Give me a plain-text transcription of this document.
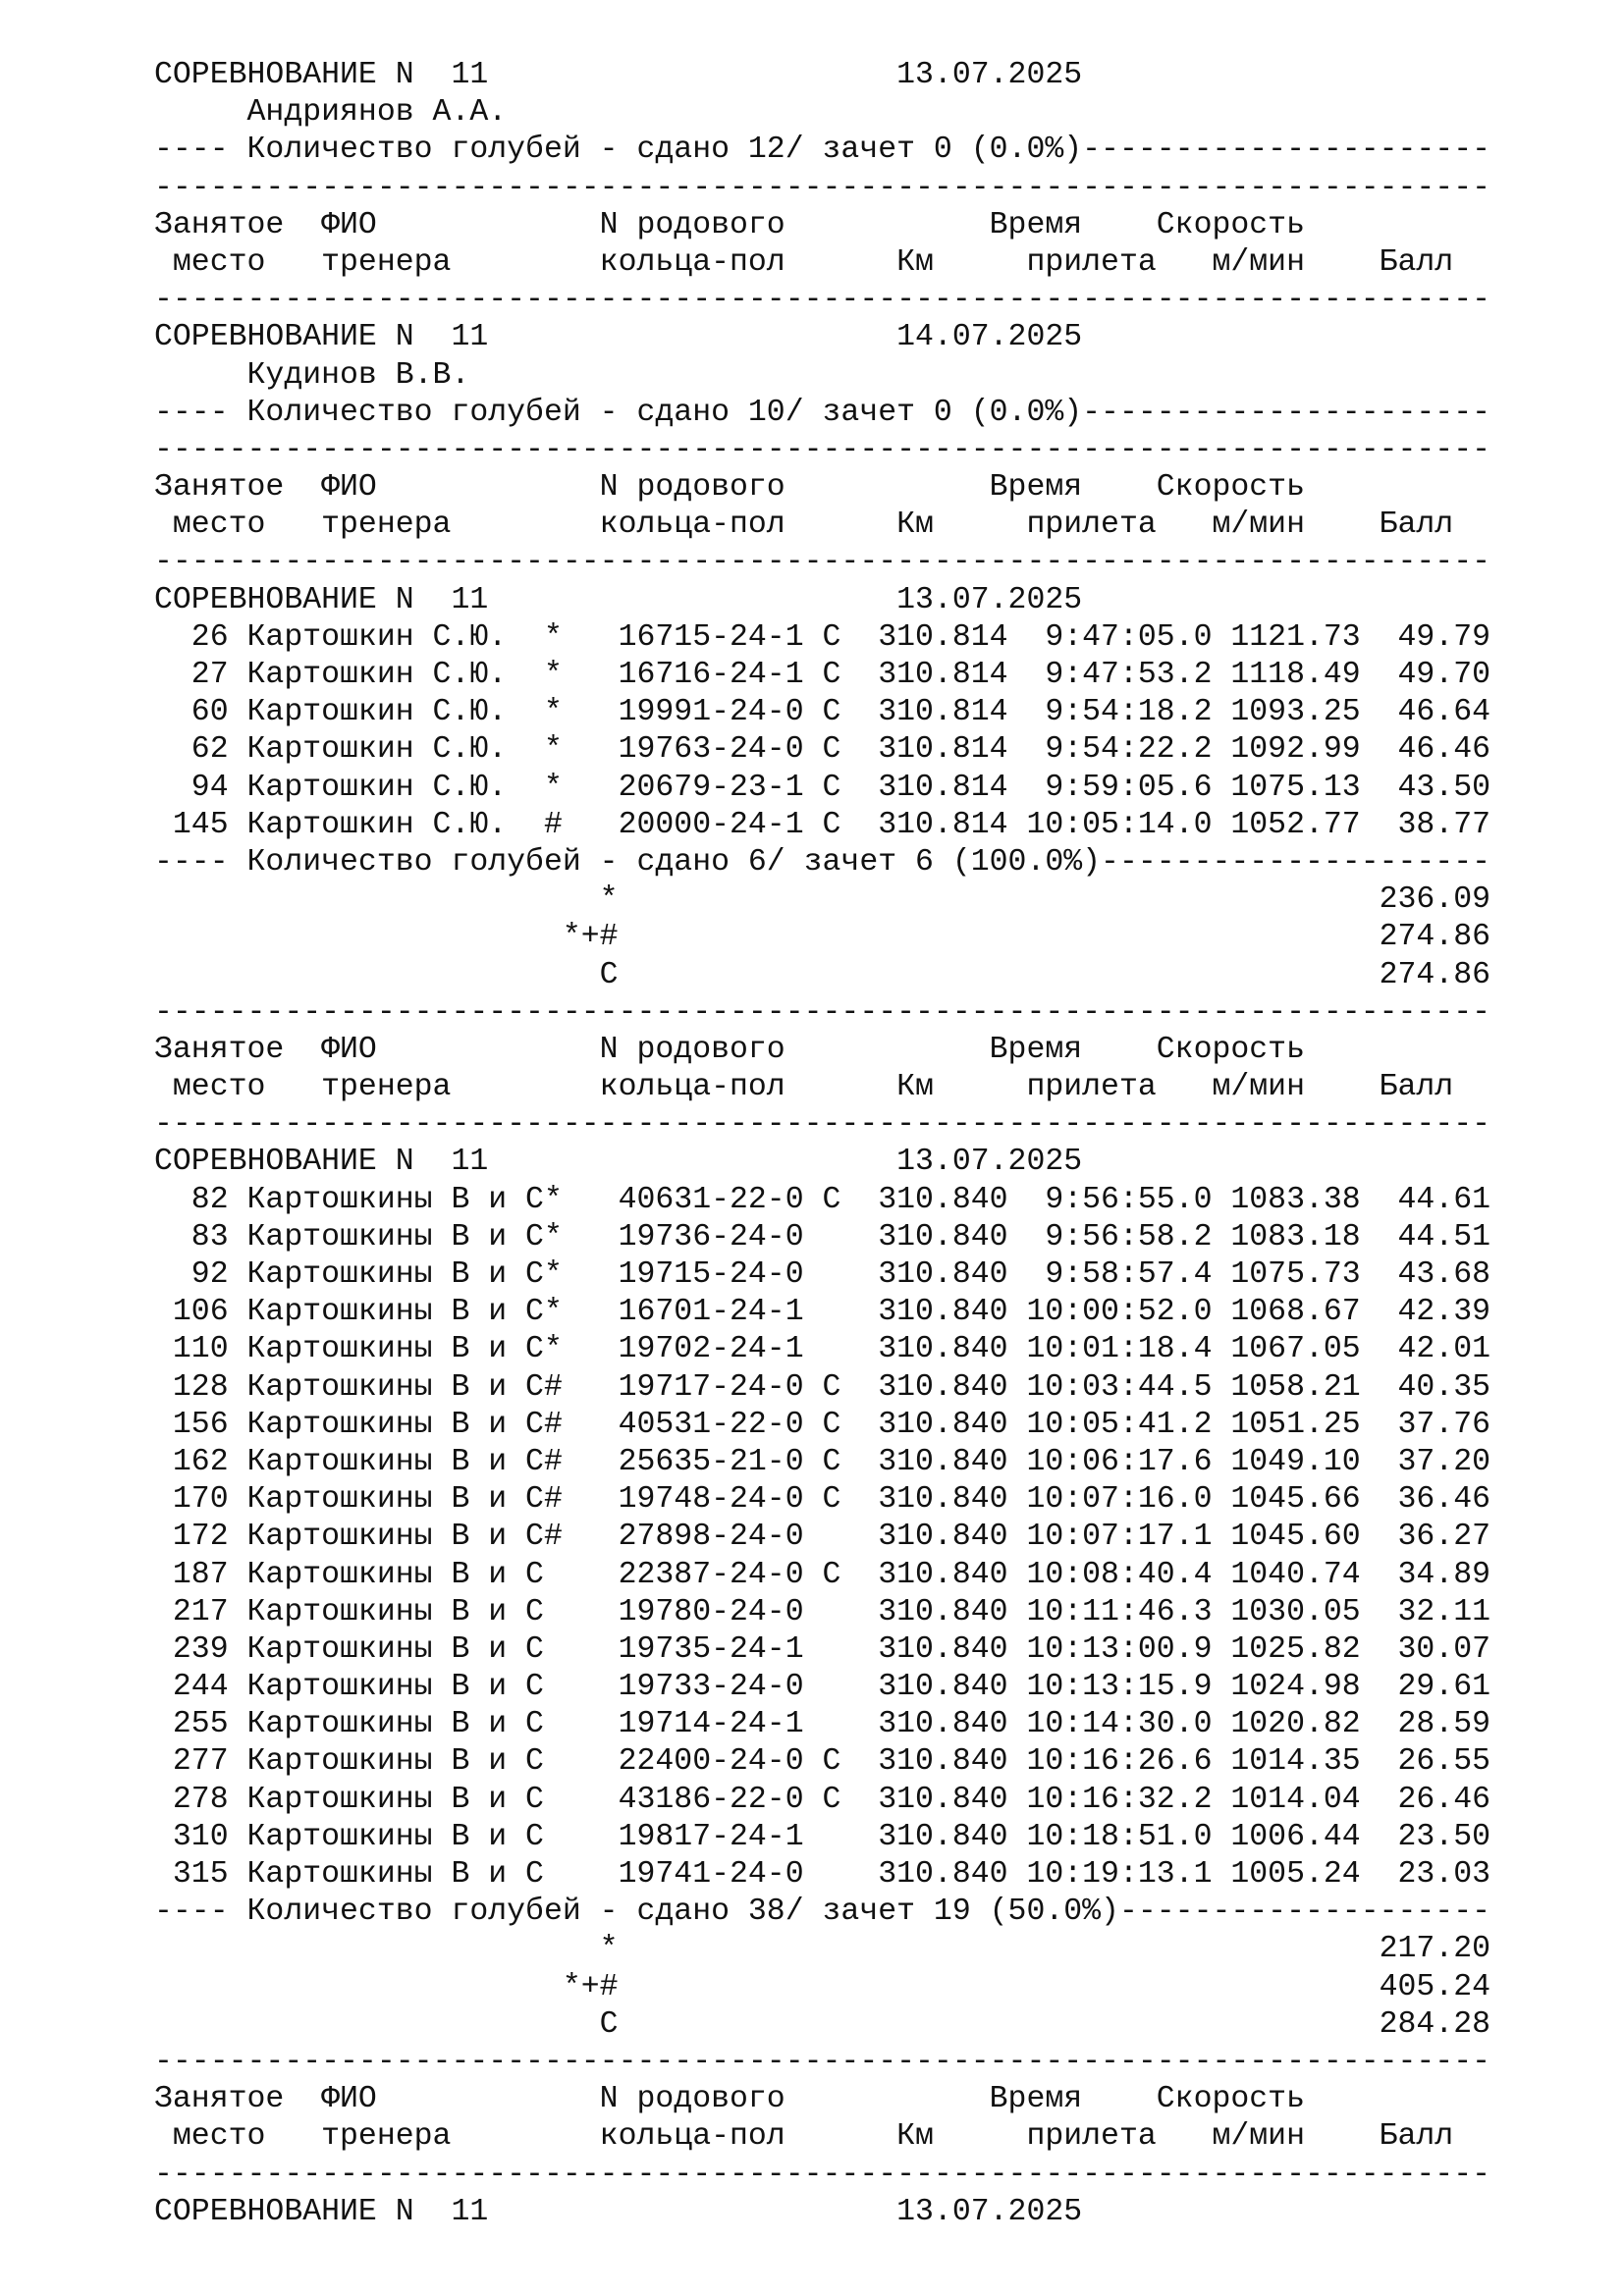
СОРЕВНОВАНИЕ N  11                      13.07.2025
Андриянов А.А.
---- Количество голубей - сдано 12/ зачет 0 (0.0%)----------------------
------------------------------------------------------------------------
Занятое  ФИО            N родового           Время    Скорость
место   тренера        кольца-пол      Км     прилета   м/мин    Балл
------------------------------------------------------------------------
СОРЕВНОВАНИЕ N  11                      14.07.2025
Кудинов В.В.
---- Количество голубей - сдано 10/ зачет 0 (0.0%)----------------------
------------------------------------------------------------------------
Занятое  ФИО            N родового           Время    Скорость
место   тренера        кольца-пол      Км     прилета   м/мин    Балл
------------------------------------------------------------------------
СОРЕВНОВАНИЕ N  11                      13.07.2025
26 Картошкин С.Ю.  *   16715-24-1 С  310.814  9:47:05.0 1121.73  49.79
27 Картошкин С.Ю.  *   16716-24-1 С  310.814  9:47:53.2 1118.49  49.70
60 Картошкин С.Ю.  *   19991-24-0 С  310.814  9:54:18.2 1093.25  46.64
62 Картошкин С.Ю.  *   19763-24-0 С  310.814  9:54:22.2 1092.99  46.46
94 Картошкин С.Ю.  *   20679-23-1 С  310.814  9:59:05.6 1075.13  43.50
145 Картошкин С.Ю.  #   20000-24-1 С  310.814 10:05:14.0 1052.77  38.77
---- Количество голубей - сдано 6/ зачет 6 (100.0%)---------------------
*                                         236.09
*+#                                         274.86
C                                         274.86
------------------------------------------------------------------------
Занятое  ФИО            N родового           Время    Скорость
место   тренера        кольца-пол      Км     прилета   м/мин    Балл
------------------------------------------------------------------------
СОРЕВНОВАНИЕ N  11                      13.07.2025
82 Картошкины В и С*   40631-22-0 С  310.840  9:56:55.0 1083.38  44.61
83 Картошкины В и С*   19736-24-0    310.840  9:56:58.2 1083.18  44.51
92 Картошкины В и С*   19715-24-0    310.840  9:58:57.4 1075.73  43.68
106 Картошкины В и С*   16701-24-1    310.840 10:00:52.0 1068.67  42.39
110 Картошкины В и С*   19702-24-1    310.840 10:01:18.4 1067.05  42.01
128 Картошкины В и С#   19717-24-0 С  310.840 10:03:44.5 1058.21  40.35
156 Картошкины В и С#   40531-22-0 С  310.840 10:05:41.2 1051.25  37.76
162 Картошкины В и С#   25635-21-0 С  310.840 10:06:17.6 1049.10  37.20
170 Картошкины В и С#   19748-24-0 С  310.840 10:07:16.0 1045.66  36.46
172 Картошкины В и С#   27898-24-0    310.840 10:07:17.1 1045.60  36.27
187 Картошкины В и С    22387-24-0 С  310.840 10:08:40.4 1040.74  34.89
217 Картошкины В и С    19780-24-0    310.840 10:11:46.3 1030.05  32.11
239 Картошкины В и С    19735-24-1    310.840 10:13:00.9 1025.82  30.07
244 Картошкины В и С    19733-24-0    310.840 10:13:15.9 1024.98  29.61
255 Картошкины В и С    19714-24-1    310.840 10:14:30.0 1020.82  28.59
277 Картошкины В и С    22400-24-0 С  310.840 10:16:26.6 1014.35  26.55
278 Картошкины В и С    43186-22-0 С  310.840 10:16:32.2 1014.04  26.46
310 Картошкины В и С    19817-24-1    310.840 10:18:51.0 1006.44  23.50
315 Картошкины В и С    19741-24-0    310.840 10:19:13.1 1005.24  23.03
---- Количество голубей - сдано 38/ зачет 19 (50.0%)--------------------
*                                         217.20
*+#                                         405.24
C                                         284.28
------------------------------------------------------------------------
Занятое  ФИО            N родового           Время    Скорость
место   тренера        кольца-пол      Км     прилета   м/мин    Балл
------------------------------------------------------------------------
СОРЕВНОВАНИЕ N  11                      13.07.2025
